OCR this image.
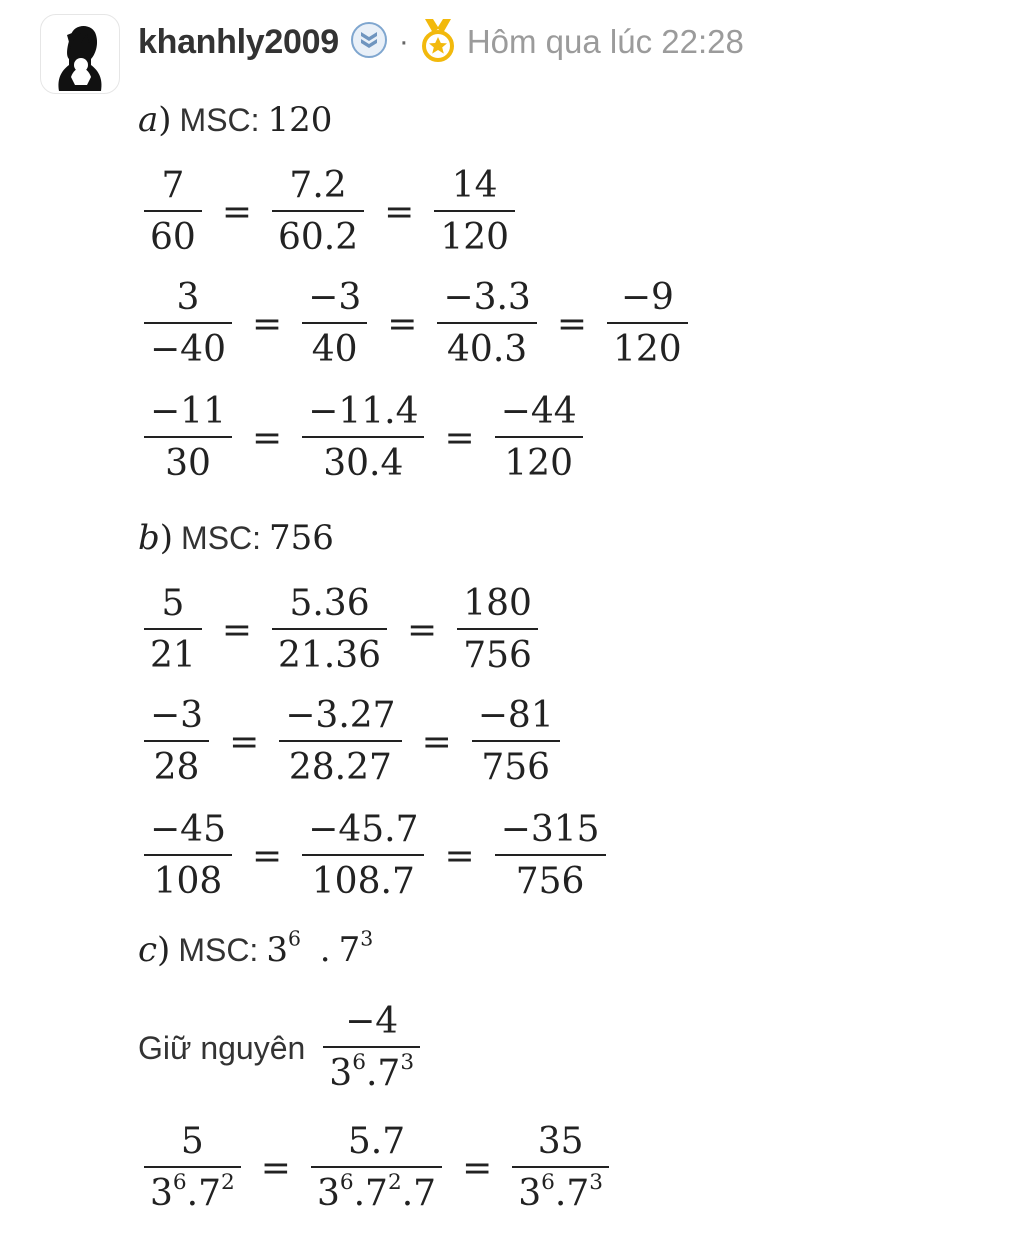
khanhly2009 · Hôm qua lúc 22:28
a ) MSC: 120
$\frac{7}{60} = \frac{7.2}{60.2} = \frac{14}{120}$
$\frac{3}{-40} = \frac{-3}{40} = \frac{-3.3}{40.3} = \frac{-9}{120}$
$\frac{-11}{30} = \frac{-11.4}{30.4} = \frac{-44}{120}$
b ) MSC: 756
$\frac{5}{21} = \frac{5.36}{21.36} = \frac{180}{756}$
$\frac{-3}{28} = \frac{-3.27}{28.27} = \frac{-81}{756}$
$\frac{-45}{108} = \frac{-45.7}{108.7} = \frac{-315}{756}$
c ) MSC: $3^6$ . $7^3$
Giữ nguyên $\frac{-4}{3^6.7^3}$
$\frac{5}{3^6.7^2} = \frac{5.7}{3^6.7^2.7} = \frac{35}{3^6.7^3}$
